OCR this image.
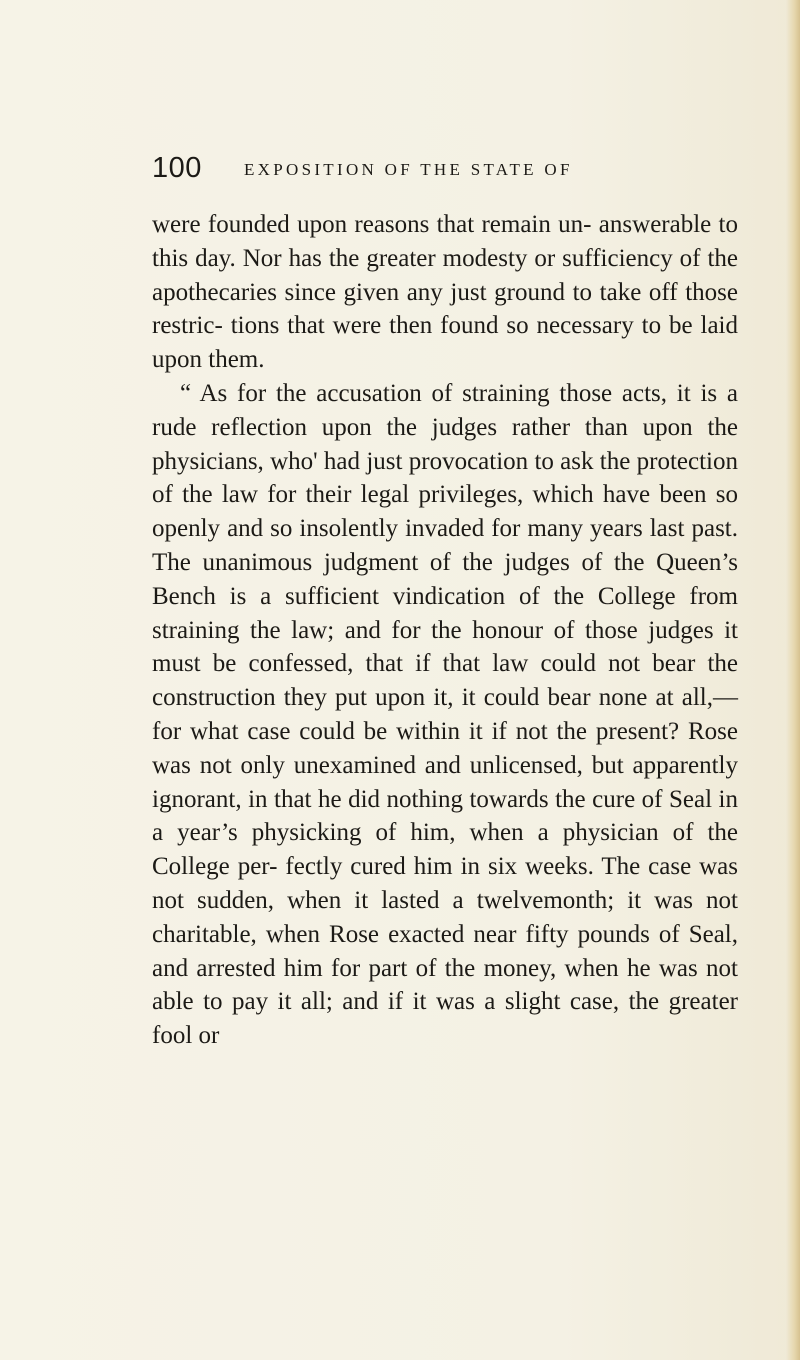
100 EXPOSITION OF THE STATE OF

were founded upon reasons that remain un- answerable to this day. Nor has the greater modesty or sufficiency of the apothecaries since given any just ground to take off those restric- tions that were then found so necessary to be laid upon them.

“ As for the accusation of straining those acts, it is a rude reflection upon the judges rather than upon the physicians, who' had just provocation to ask the protection of the law for their legal privileges, which have been so openly and so insolently invaded for many years last past. The unanimous judgment of the judges of the Queen’s Bench is a sufficient vindication of the College from straining the law; and for the honour of those judges it must be confessed, that if that law could not bear the construction they put upon it, it could bear none at all,—for what case could be within it if not the present? Rose was not only unexamined and unlicensed, but apparently ignorant, in that he did nothing towards the cure of Seal in a year’s physicking of him, when a physician of the College per- fectly cured him in six weeks. The case was not sudden, when it lasted a twelvemonth; it was not charitable, when Rose exacted near fifty pounds of Seal, and arrested him for part of the money, when he was not able to pay it all; and if it was a slight case, the greater fool or
